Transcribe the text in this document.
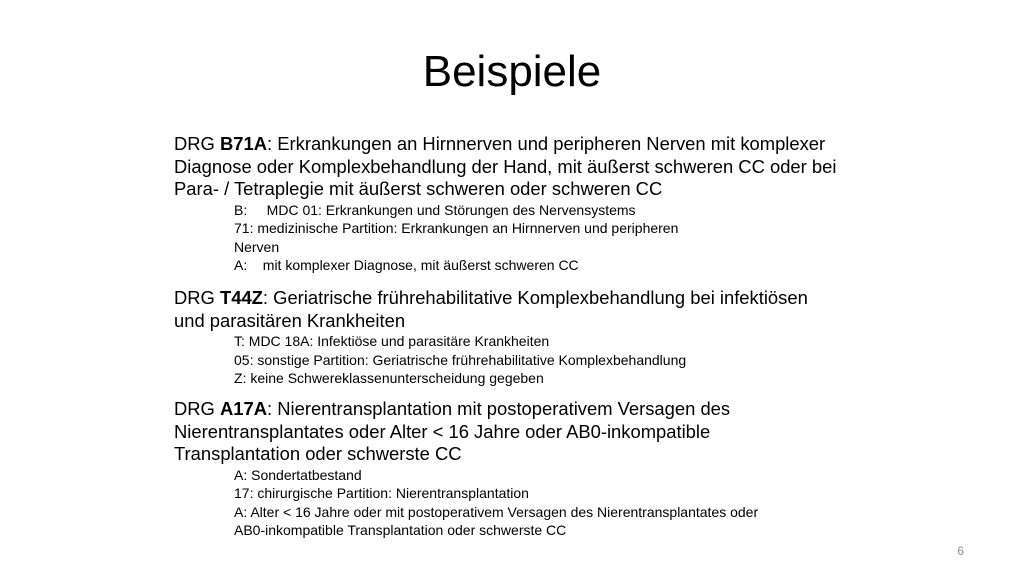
Beispiele
DRG B71A: Erkrankungen an Hirnnerven und peripheren Nerven mit komplexer
Diagnose oder Komplexbehandlung der Hand, mit äußerst schweren CC oder bei
Para- / Tetraplegie mit äußerst schweren oder schweren CC
B:     MDC 01: Erkrankungen und Störungen des Nervensystems
71: medizinische Partition: Erkrankungen an Hirnnerven und peripheren
Nerven
A:    mit komplexer Diagnose, mit äußerst schweren CC
DRG T44Z: Geriatrische frührehabilitative Komplexbehandlung bei infektiösen
und parasitären Krankheiten
T: MDC 18A: Infektiöse und parasitäre Krankheiten
05: sonstige Partition: Geriatrische frührehabilitative Komplexbehandlung
Z: keine Schwereklassenunterscheidung gegeben
DRG A17A: Nierentransplantation mit postoperativem Versagen des
Nierentransplantates oder Alter < 16 Jahre oder AB0-inkompatible
Transplantation oder schwerste CC
A: Sondertatbestand
17: chirurgische Partition: Nierentransplantation
A: Alter < 16 Jahre oder mit postoperativem Versagen des Nierentransplantates oder
AB0-inkompatible Transplantation oder schwerste CC
6
